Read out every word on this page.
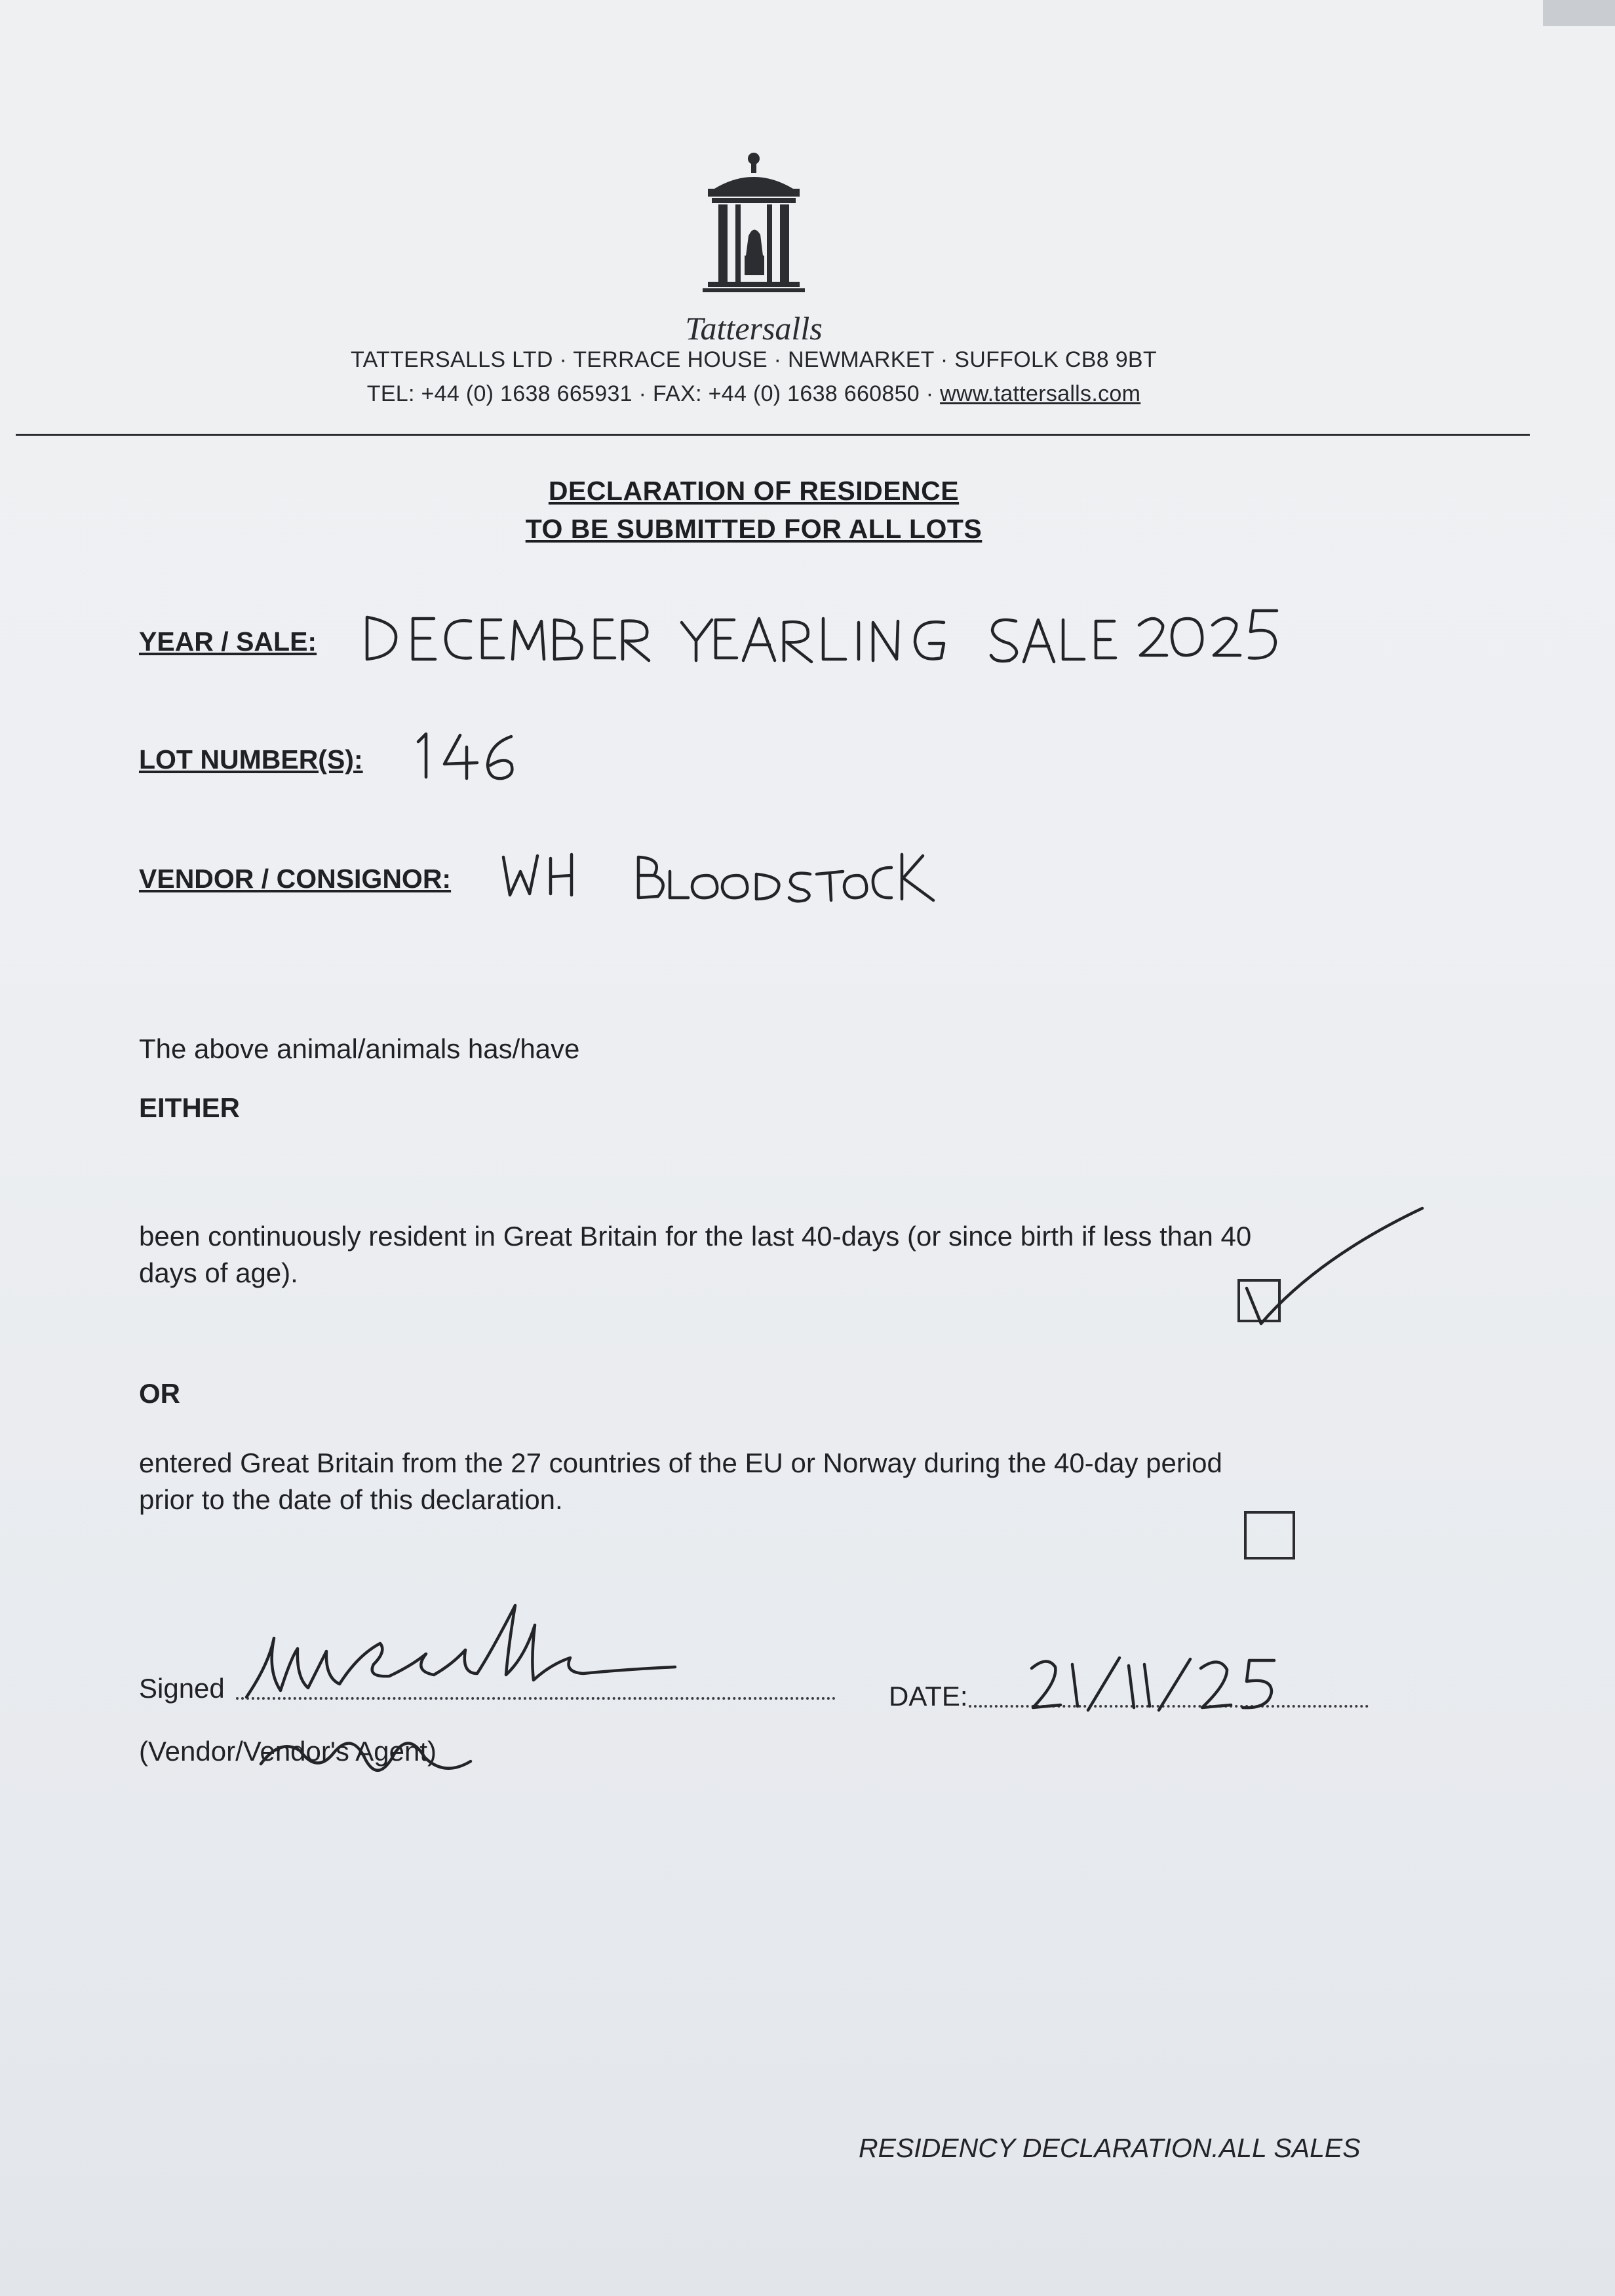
Tattersalls
TATTERSALLS LTD · TERRACE HOUSE · NEWMARKET · SUFFOLK CB8 9BT
TEL: +44 (0) 1638 665931 · FAX: +44 (0) 1638 660850 · www.tattersalls.com
DECLARATION OF RESIDENCE
TO BE SUBMITTED FOR ALL LOTS
YEAR / SALE:
LOT NUMBER(S):
VENDOR / CONSIGNOR:
The above animal/animals has/have
EITHER
been continuously resident in Great Britain for the last 40-days (or since birth if less than 40
days of age).
OR
entered Great Britain from the 27 countries of the EU or Norway during the 40-day period
prior to the date of this declaration.
Signed
(Vendor/Vendor's Agent)
DATE:
RESIDENCY DECLARATION.ALL SALES
